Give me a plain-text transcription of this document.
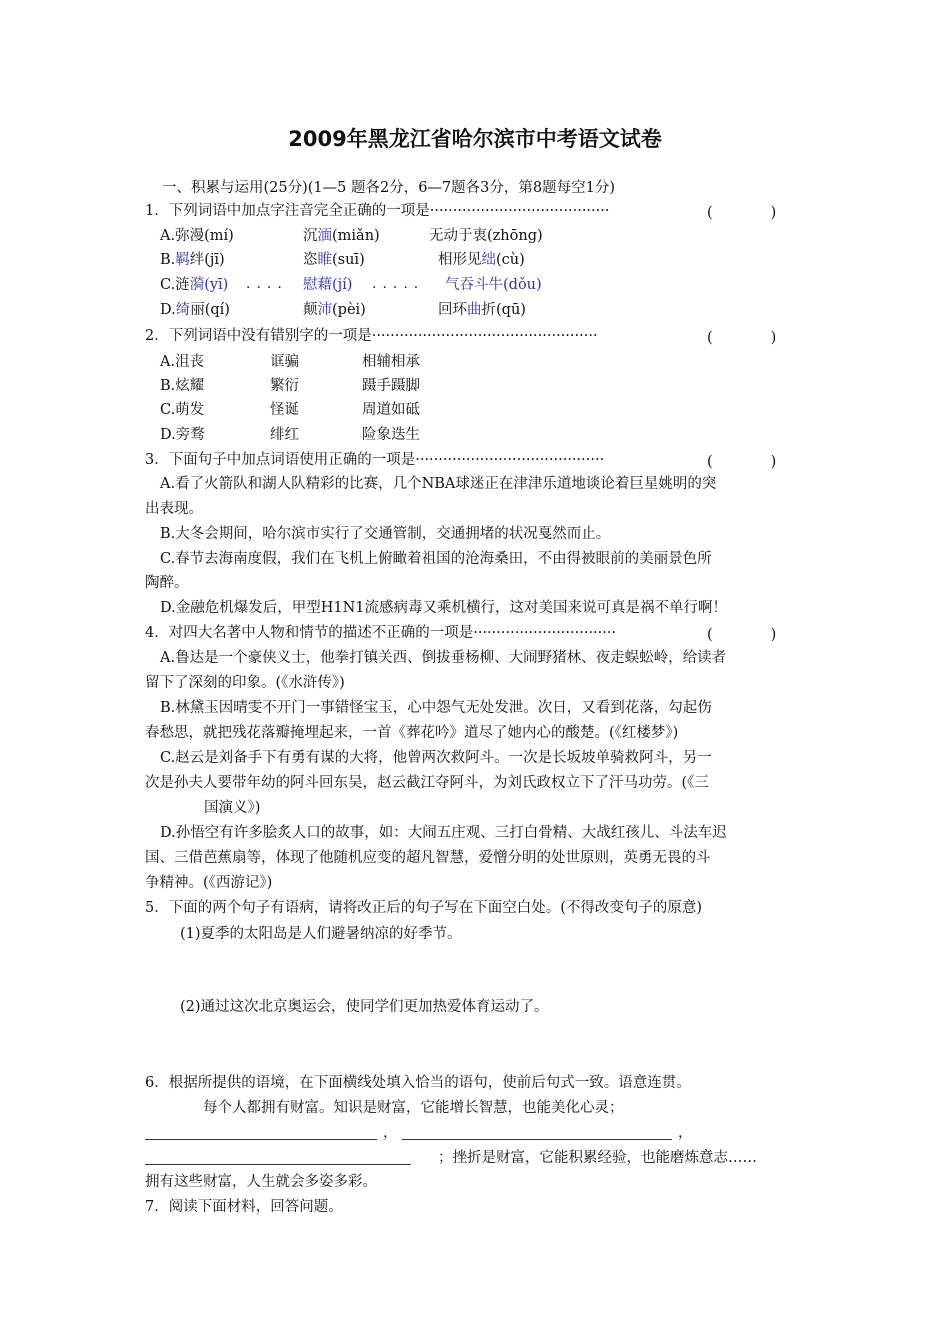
2009年黑龙江省哈尔滨市中考语文试卷
一、积累与运用(25分)(1—5 题各2分，6—7题各3分，第8题每空1分)
1．下列词语中加点字注音完全正确的一项是·······································	(　　　　)
A.弥漫(mí)	沉湎(miǎn)	无动于衷(zhōng)
B.羁绊(jī)	恣睢(suī)	相形见绌(cù)
C.涟漪(yī)	慰藉(jí)	气吞斗牛(dǒu)
····	·····
D.绮丽(qí)	颠沛(pèi)	回环曲折(qū)
2．下列词语中没有错别字的一项是·················································	(　　　　)
A.沮丧	诓骗	相辅相承
B.炫耀	繁衍	蹑手蹑脚
C.萌发	怪诞	周道如砥
D.旁骛	绯红	险象迭生
3．下面句子中加点词语使用正确的一项是·········································	(　　　　)
A.看了火箭队和湖人队精彩的比赛，几个NBA球迷正在津津乐道地谈论着巨星姚明的突
出表现。
B.大冬会期间，哈尔滨市实行了交通管制，交通拥堵的状况戛然而止。
C.春节去海南度假，我们在飞机上俯瞰着祖国的沧海桑田，不由得被眼前的美丽景色所
陶醉。
D.金融危机爆发后，甲型H1N1流感病毒又乘机横行，这对美国来说可真是祸不单行啊！
4．对四大名著中人物和情节的描述不正确的一项是·······························	(　　　　)
A.鲁达是一个豪侠义士，他拳打镇关西、倒拔垂杨柳、大闹野猪林、夜走蜈蚣岭，给读者
留下了深刻的印象。(《水浒传》)
B.林黛玉因晴雯不开门一事错怪宝玉，心中怨气无处发泄。次日，又看到花落，勾起伤
春愁思，就把残花落瓣掩埋起来，一首《葬花吟》道尽了她内心的酸楚。(《红楼梦》)
C.赵云是刘备手下有勇有谋的大将，他曾两次救阿斗。一次是长坂坡单骑救阿斗，另一
次是孙夫人要带年幼的阿斗回东吴，赵云截江夺阿斗，为刘氏政权立下了汗马功劳。(《三
国演义》)
D.孙悟空有许多脍炙人口的故事，如：大闹五庄观、三打白骨精、大战红孩儿、斗法车迟
国、三借芭蕉扇等，体现了他随机应变的超凡智慧，爱憎分明的处世原则，英勇无畏的斗
争精神。(《西游记》)
5．下面的两个句子有语病，请将改正后的句子写在下面空白处。(不得改变句子的原意)
(1)夏季的太阳岛是人们避暑纳凉的好季节。
(2)通过这次北京奥运会，使同学们更加热爱体育运动了。
6．根据所提供的语境，在下面横线处填入恰当的语句，使前后句式一致。语意连贯。
每个人都拥有财富。知识是财富，它能增长智慧，也能美化心灵；
，	，
；挫折是财富，它能积累经验，也能磨炼意志……
拥有这些财富，人生就会多姿多彩。
7．阅读下面材料，回答问题。
